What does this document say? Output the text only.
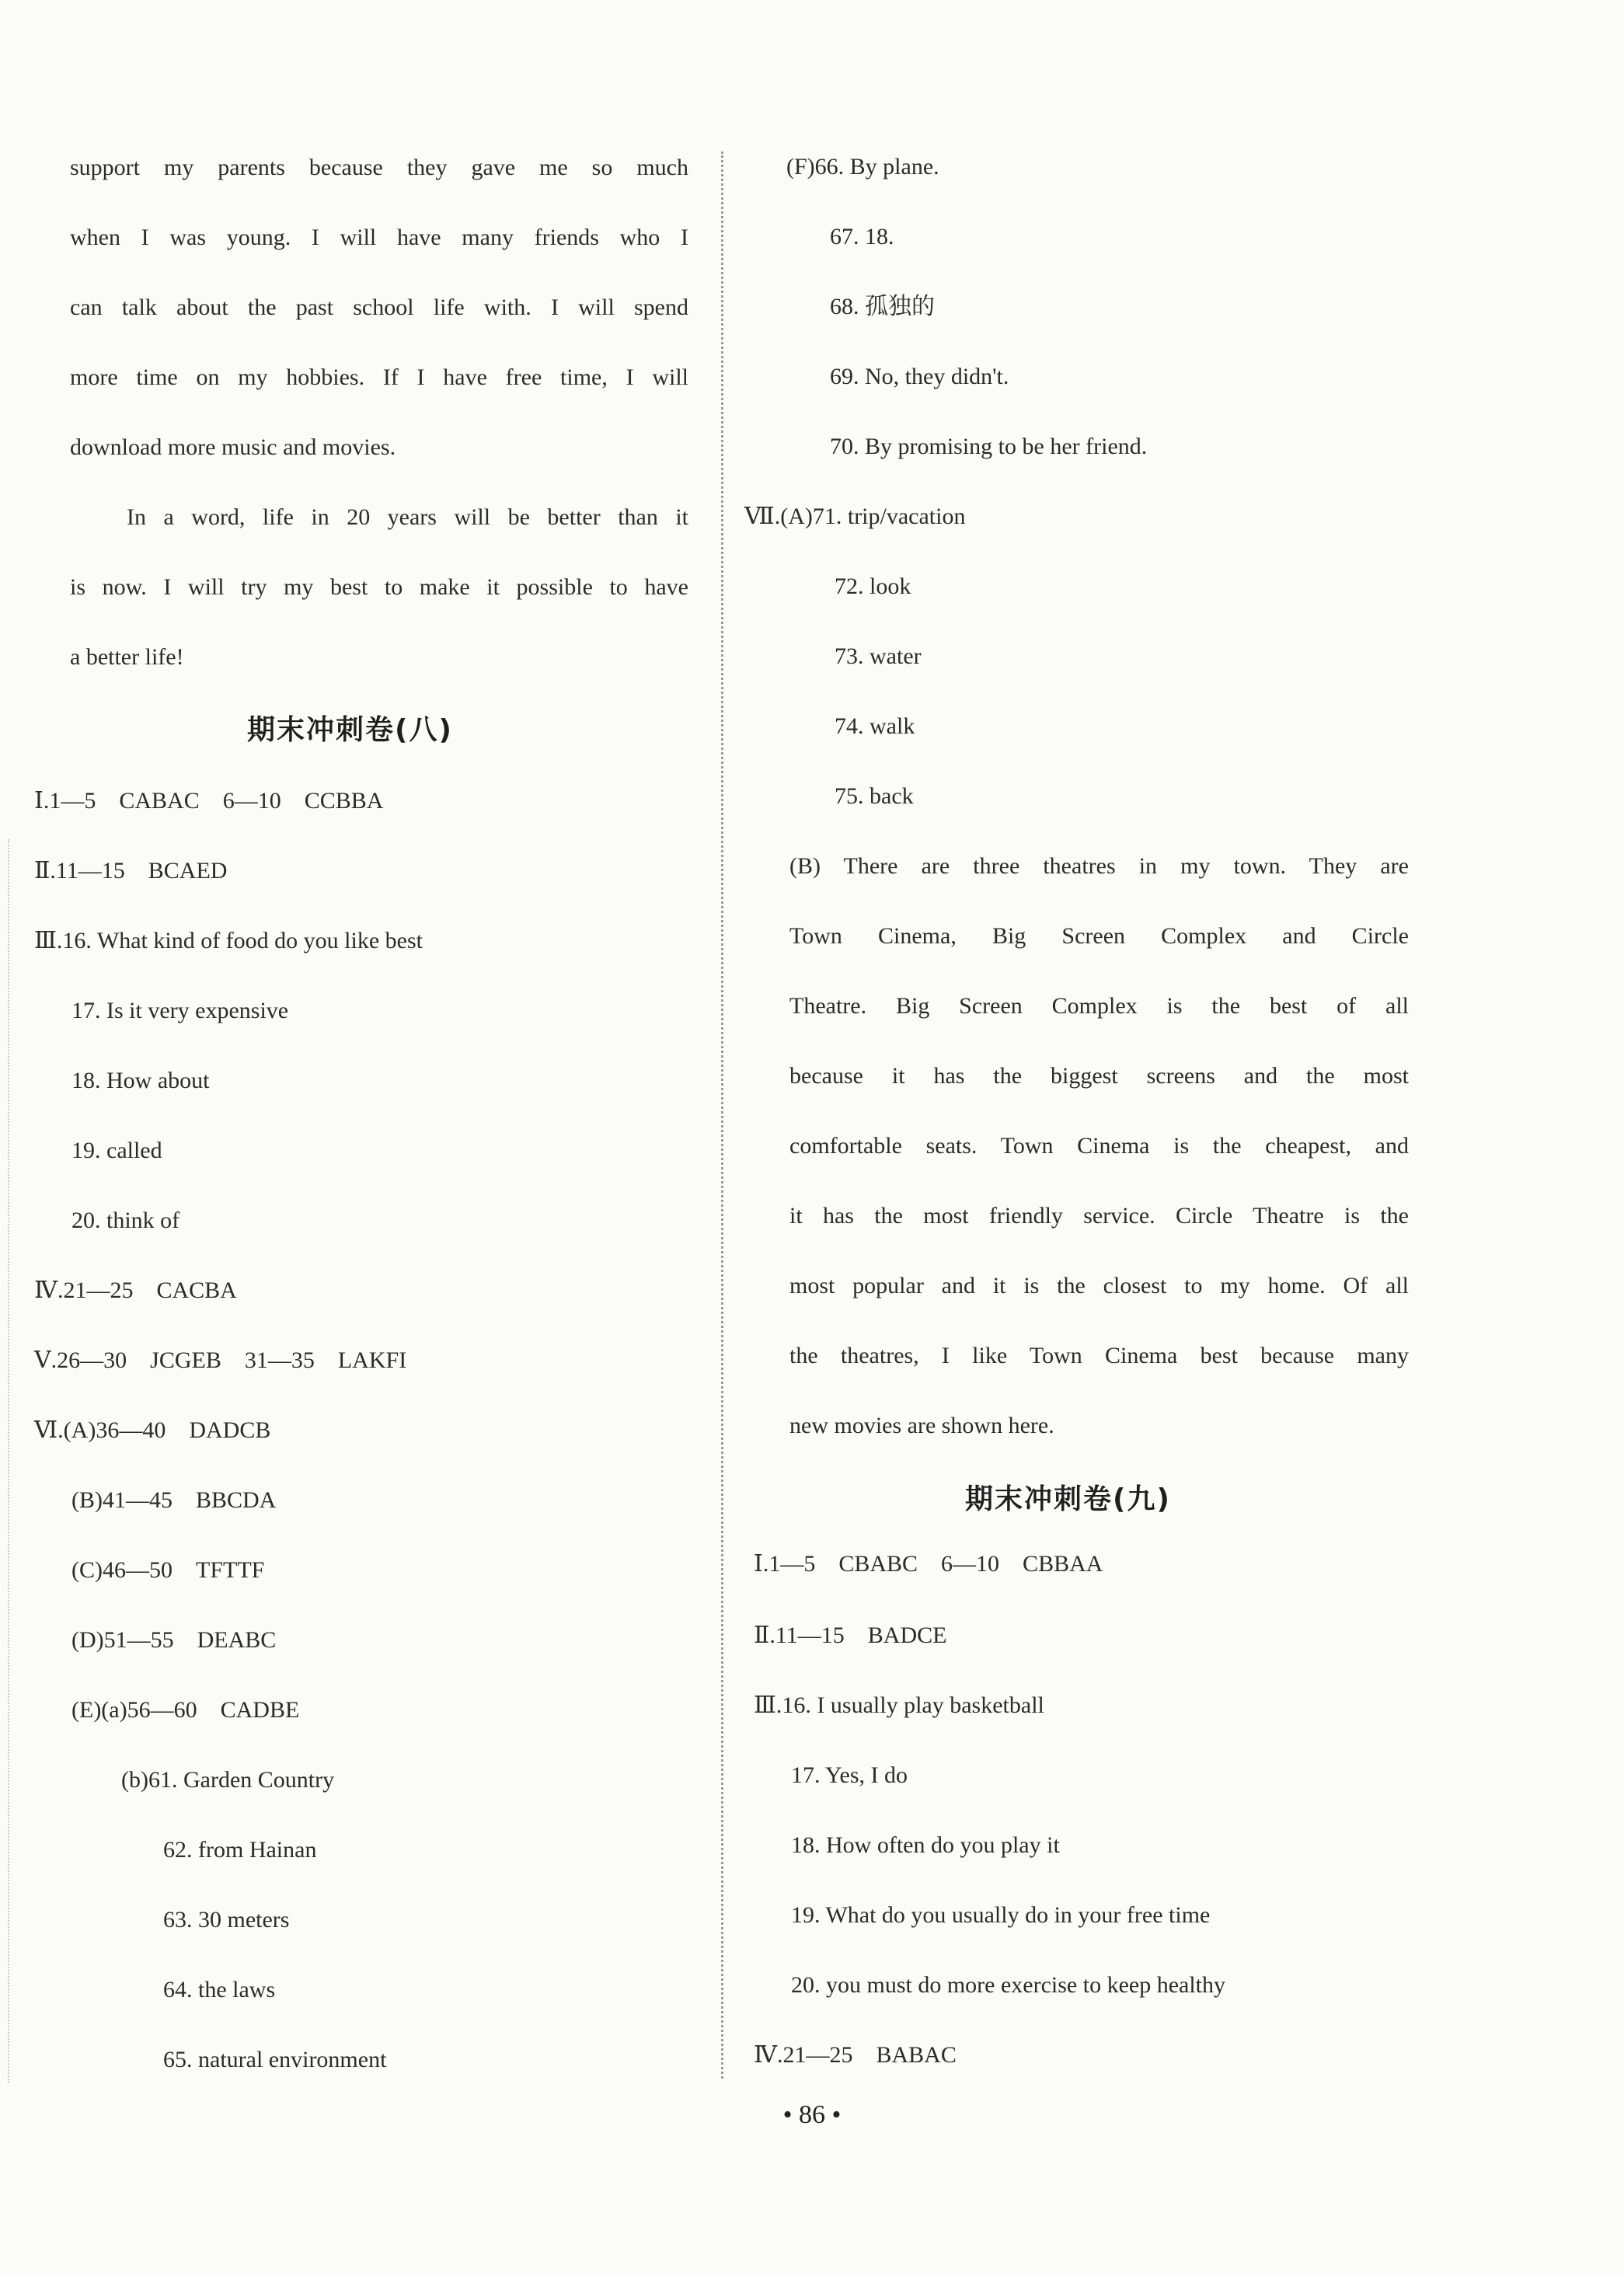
support my parents because they gave me so much
when I was young. I will have many friends who I
can talk about the past school life with. I will spend
more time on my hobbies. If I have free time, I will
download more music and movies.
In a word, life in 20 years will be better than it
is now. I will try my best to make it possible to have
a better life!
期末冲刺卷(八)
Ⅰ.1—5　CABAC　6—10　CCBBA
Ⅱ.11—15　BCAED
Ⅲ.16. What kind of food do you like best
17. Is it very expensive
18. How about
19. called
20. think of
Ⅳ.21—25　CACBA
Ⅴ.26—30　JCGEB　31—35　LAKFI
Ⅵ.(A)36—40　DADCB
(B)41—45　BBCDA
(C)46—50　TFTTF
(D)51—55　DEABC
(E)(a)56—60　CADBE
(b)61. Garden Country
62. from Hainan
63. 30 meters
64. the laws
65. natural environment
(F)66. By plane.
67. 18.
68. 孤独的
69. No, they didn't.
70. By promising to be her friend.
Ⅶ.(A)71. trip/vacation
72. look
73. water
74. walk
75. back
(B) There are three theatres in my town. They are
Town Cinema, Big Screen Complex and Circle
Theatre. Big Screen Complex is the best of all
because it has the biggest screens and the most
comfortable seats. Town Cinema is the cheapest, and
it has the most friendly service. Circle Theatre is the
most popular and it is the closest to my home. Of all
the theatres, I like Town Cinema best because many
new movies are shown here.
期末冲刺卷(九)
Ⅰ.1—5　CBABC　6—10　CBBAA
Ⅱ.11—15　BADCE
Ⅲ.16. I usually play basketball
17. Yes, I do
18. How often do you play it
19. What do you usually do in your free time
20. you must do more exercise to keep healthy
Ⅳ.21—25　BABAC
• 86 •
